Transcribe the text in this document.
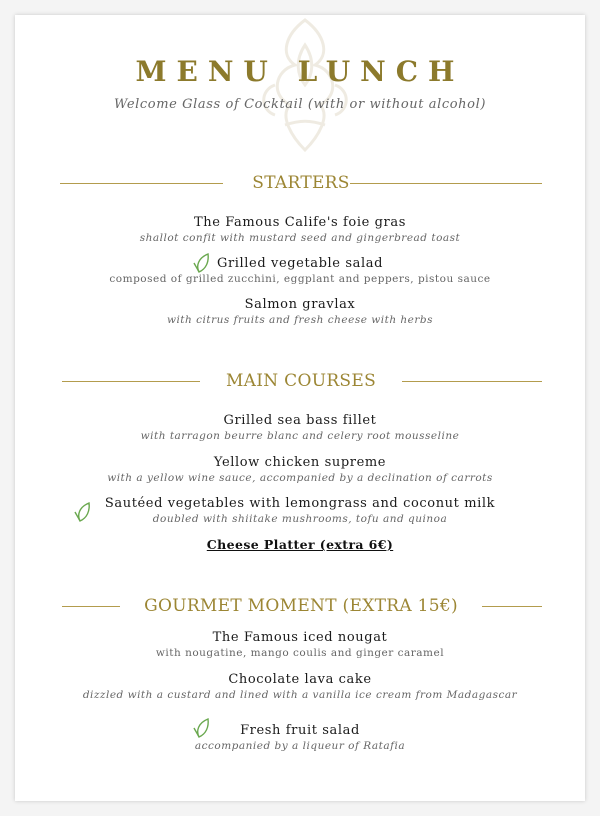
MENU LUNCH
Welcome Glass of Cocktail (with or without alcohol)
STARTERS
The Famous Calife's foie gras
shallot confit with mustard seed and gingerbread toast
Grilled vegetable salad
composed of grilled zucchini, eggplant and peppers, pistou sauce
Salmon gravlax
with citrus fruits and fresh cheese with herbs
MAIN COURSES
Grilled sea bass fillet
with tarragon beurre blanc and celery root mousseline
Yellow chicken supreme
with a yellow wine sauce, accompanied by a declination of carrots
Sautéed vegetables with lemongrass and coconut milk
doubled with shiitake mushrooms, tofu and quinoa
Cheese Platter (extra 6€)
GOURMET MOMENT (EXTRA 15€)
The Famous iced nougat
with nougatine, mango coulis and ginger caramel
Chocolate lava cake
dizzled with a custard and lined with a vanilla ice cream from Madagascar
Fresh fruit salad
accompanied by a liqueur of Ratafia
